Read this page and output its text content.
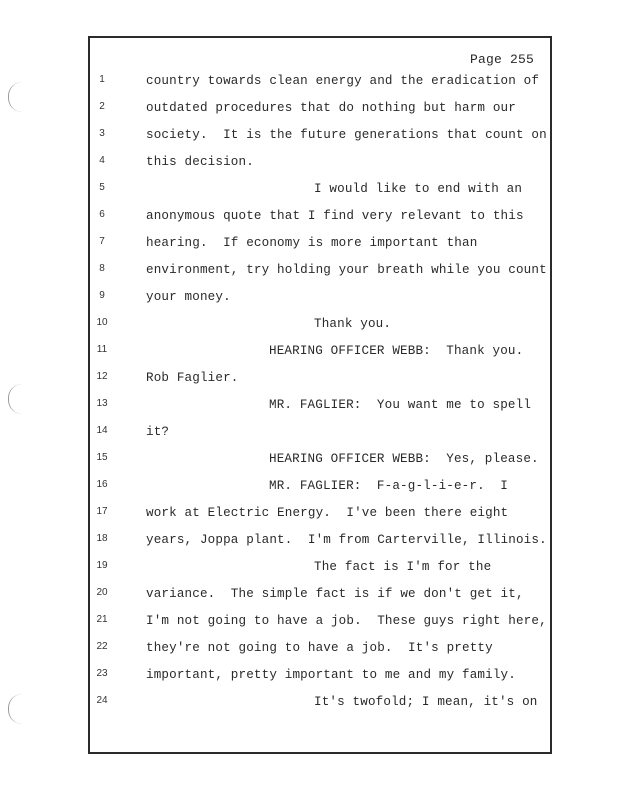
Page 255
1	country towards clean energy and the eradication of
2	outdated procedures that do nothing but harm our
3	society.  It is the future generations that count on
4	this decision.
5	I would like to end with an
6	anonymous quote that I find very relevant to this
7	hearing.  If economy is more important than
8	environment, try holding your breath while you count
9	your money.
10	Thank you.
11	HEARING OFFICER WEBB:  Thank you.
12	Rob Faglier.
13	MR. FAGLIER:  You want me to spell
14	it?
15	HEARING OFFICER WEBB:  Yes, please.
16	MR. FAGLIER:  F-a-g-l-i-e-r.  I
17	work at Electric Energy.  I've been there eight
18	years, Joppa plant.  I'm from Carterville, Illinois.
19	The fact is I'm for the
20	variance.  The simple fact is if we don't get it,
21	I'm not going to have a job.  These guys right here,
22	they're not going to have a job.  It's pretty
23	important, pretty important to me and my family.
24	It's twofold; I mean, it's on
